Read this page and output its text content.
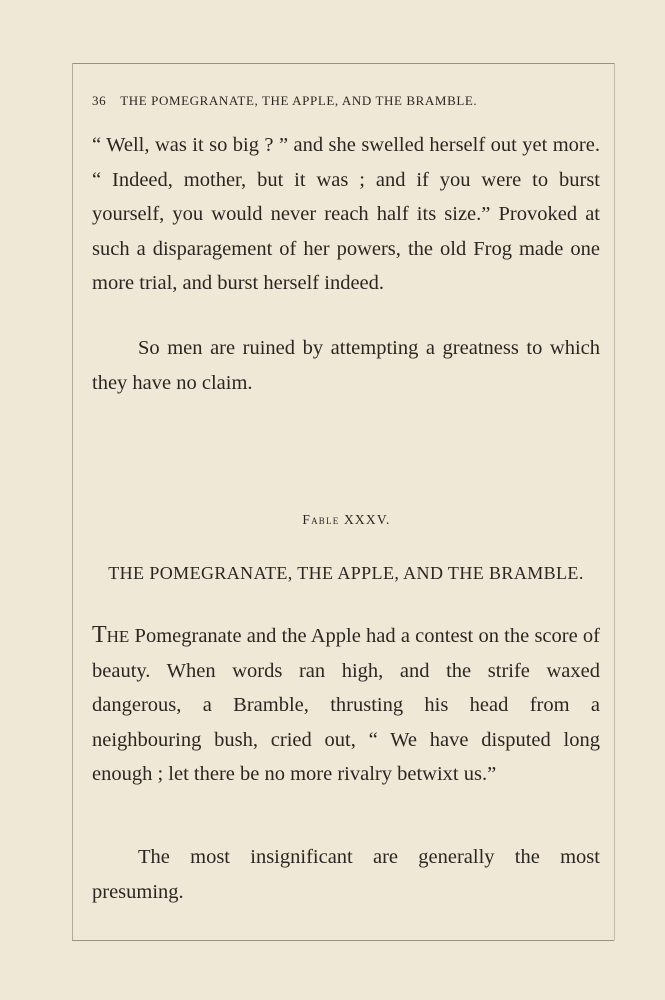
36 THE POMEGRANATE, THE APPLE, AND THE BRAMBLE.

“ Well, was it so big ? ” and she swelled herself out yet more. “ Indeed, mother, but it was ; and if you were to burst yourself, you would never reach half its size.” Provoked at such a disparagement of her powers, the old Frog made one more trial, and burst herself indeed.

So men are ruined by attempting a greatness to which they have no claim.

Fable XXXV.

THE POMEGRANATE, THE APPLE, AND THE BRAMBLE.

The Pomegranate and the Apple had a contest on the score of beauty. When words ran high, and the strife waxed dangerous, a Bramble, thrusting his head from a neighbouring bush, cried out, “ We have disputed long enough ; let there be no more rivalry betwixt us.”

The most insignificant are generally the most presuming.
